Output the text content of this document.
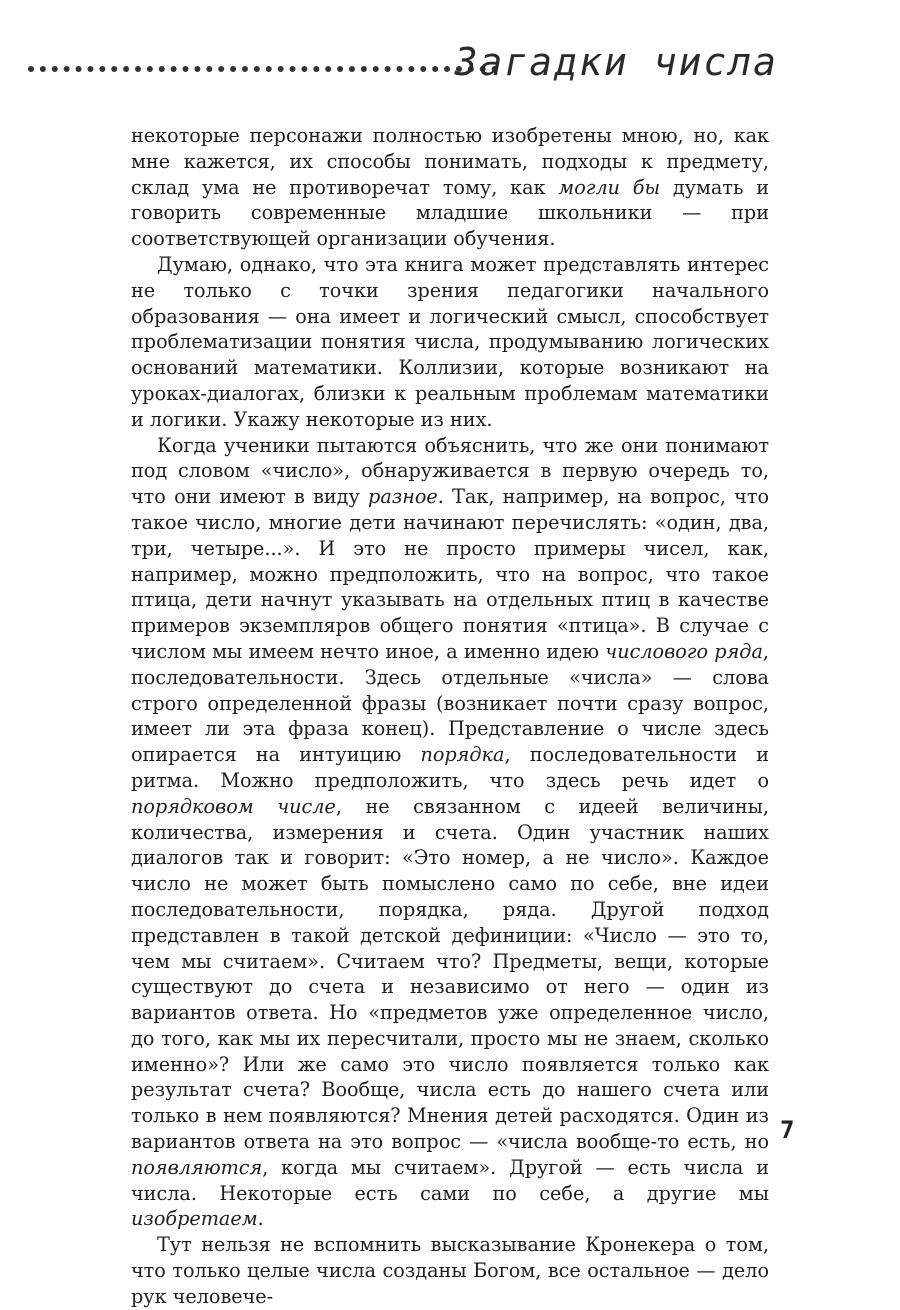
Загадки числа

некоторые персонажи полностью изобретены мною, но, как мне кажется, их способы понимать, подходы к предмету, склад ума не противоречат тому, как могли бы думать и говорить современные младшие школьники — при соответствующей организации обучения.

Думаю, однако, что эта книга может представлять интерес не только с точки зрения педагогики начального образования — она имеет и логический смысл, способствует проблематизации понятия числа, продумыванию логических оснований математики. Коллизии, которые возникают на уроках-диалогах, близки к реальным проблемам математики и логики. Укажу некоторые из них.

Когда ученики пытаются объяснить, что же они понимают под словом «число», обнаруживается в первую очередь то, что они имеют в виду разное. Так, например, на вопрос, что такое число, многие дети начинают перечислять: «один, два, три, четыре...». И это не просто примеры чисел, как, например, можно предположить, что на вопрос, что такое птица, дети начнут указывать на отдельных птиц в качестве примеров экземпляров общего понятия «птица». В случае с числом мы имеем нечто иное, а именно идею числового ряда, последовательности. Здесь отдельные «числа» — слова строго определенной фразы (возникает почти сразу вопрос, имеет ли эта фраза конец). Представление о числе здесь опирается на интуицию порядка, последовательности и ритма. Можно предположить, что здесь речь идет о порядковом числе, не связанном с идеей величины, количества, измерения и счета. Один участник наших диалогов так и говорит: «Это номер, а не число». Каждое число не может быть помыслено само по себе, вне идеи последовательности, порядка, ряда. Другой подход представлен в такой детской дефиниции: «Число — это то, чем мы считаем». Считаем что? Предметы, вещи, которые существуют до счета и независимо от него — один из вариантов ответа. Но «предметов уже определенное число, до того, как мы их пересчитали, просто мы не знаем, сколько именно»? Или же само это число появляется только как результат счета? Вообще, числа есть до нашего счета или только в нем появляются? Мнения детей расходятся. Один из вариантов ответа на это вопрос — «числа вообще-то есть, но появляются, когда мы считаем». Другой — есть числа и числа. Некоторые есть сами по себе, а другие мы изобретаем.

Тут нельзя не вспомнить высказывание Кронекера о том, что только целые числа созданы Богом, все остальное — дело рук человече-

7
